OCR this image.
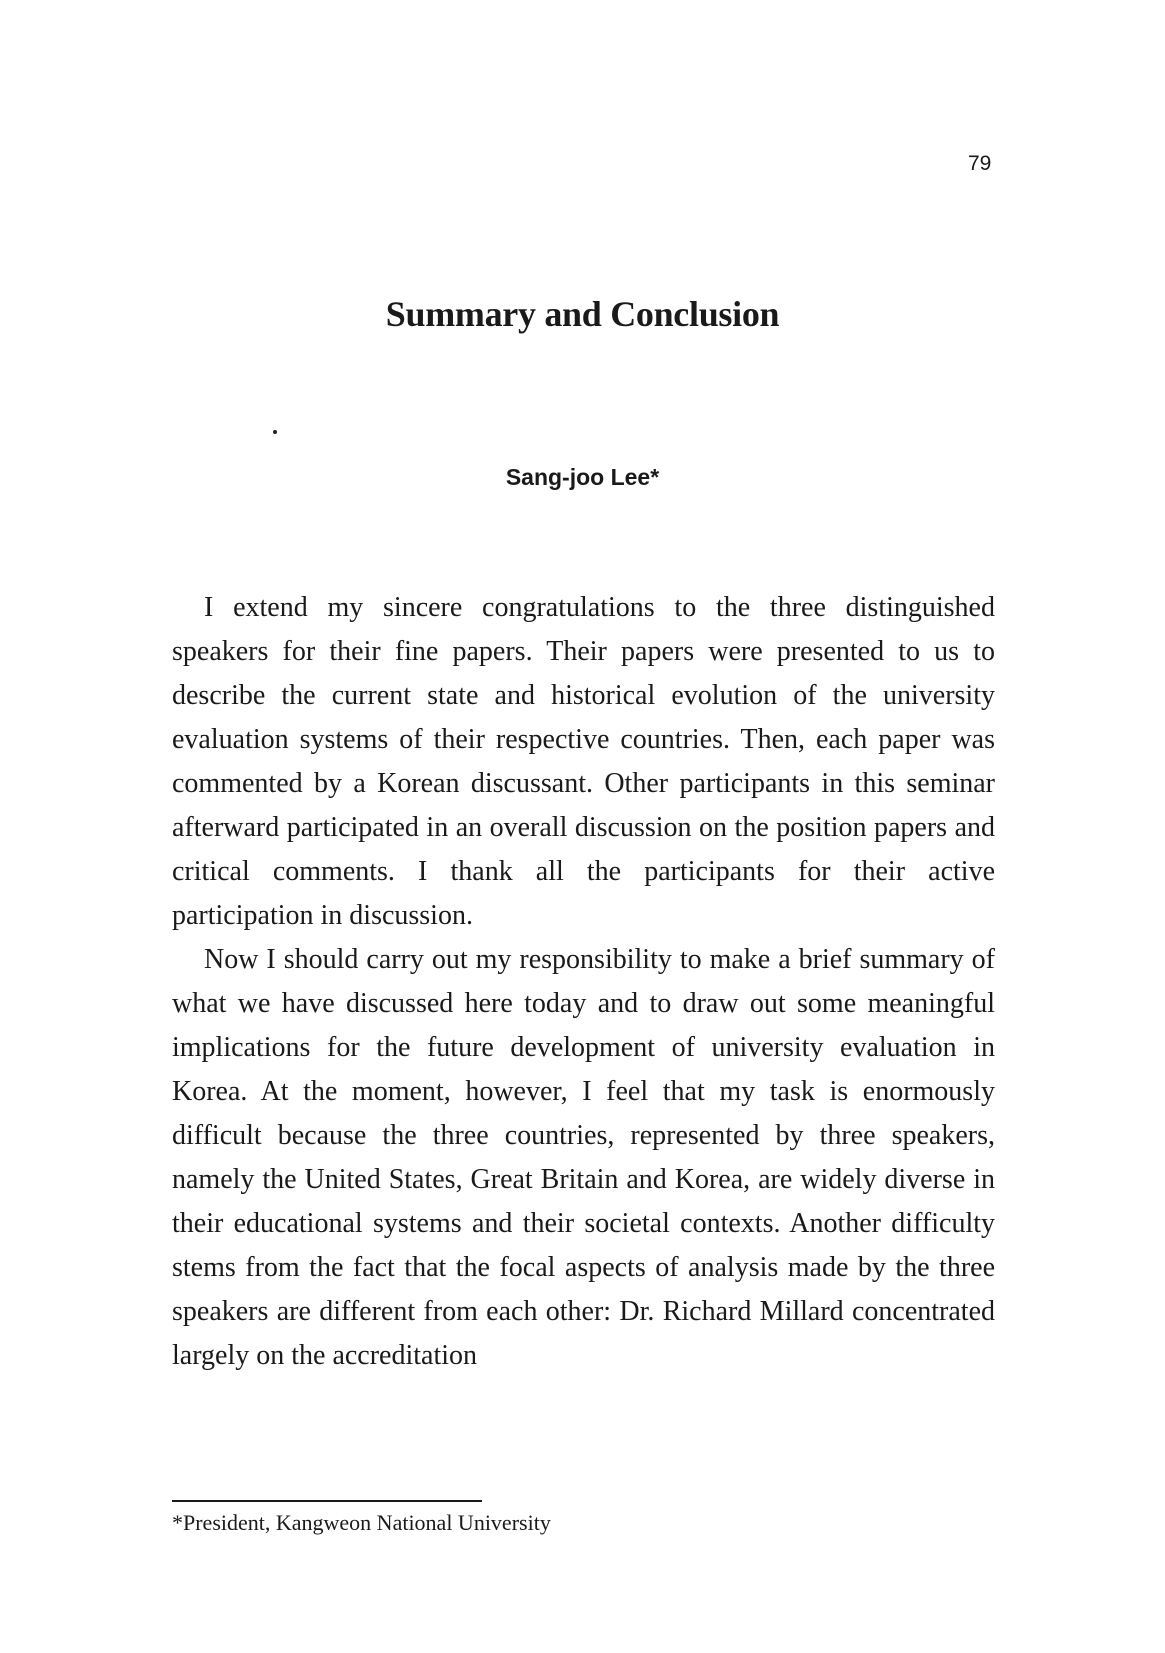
79
Summary and Conclusion
Sang-joo Lee*

I extend my sincere congratulations to the three distinguished speakers for their fine papers. Their papers were presented to us to describe the current state and historical evolution of the university evaluation systems of their respective countries. Then, each paper was commented by a Korean discussant. Other participants in this seminar afterward participated in an overall discussion on the position papers and critical comments. I thank all the participants for their active participation in discussion.

Now I should carry out my responsibility to make a brief summary of what we have discussed here today and to draw out some meaningful implications for the future development of university evaluation in Korea. At the moment, however, I feel that my task is enormously difficult because the three countries, represented by three speakers, namely the United States, Great Britain and Korea, are widely diverse in their educational systems and their societal contexts. Another difficulty stems from the fact that the focal aspects of analysis made by the three speakers are different from each other: Dr. Richard Millard concentrated largely on the accreditation

*President, Kangweon National University
